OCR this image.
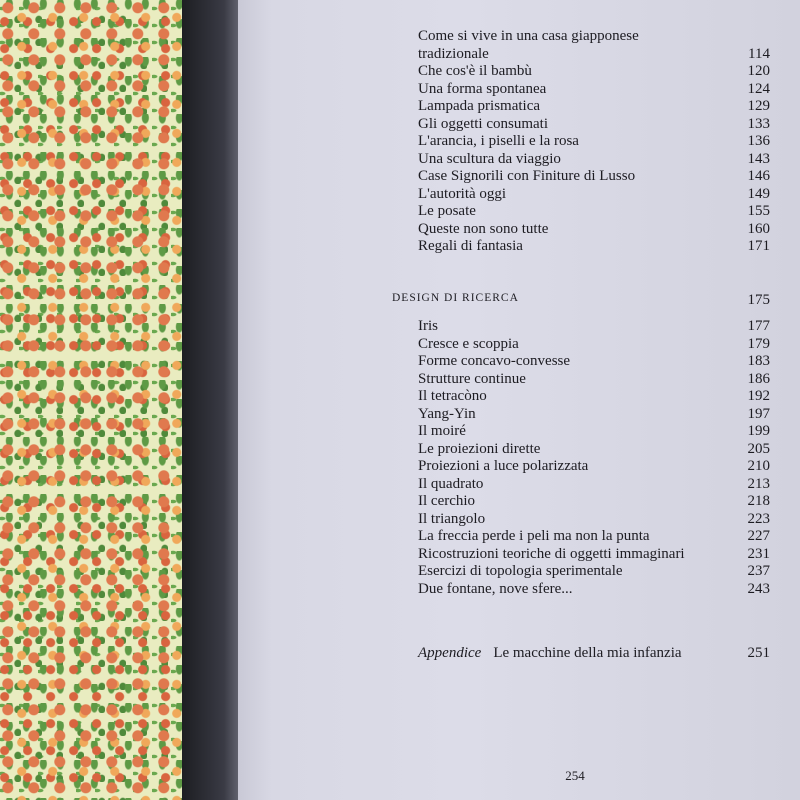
Come si vive in una casa giapponese tradizionale	114
Che cos'è il bambù	120
Una forma spontanea	124
Lampada prismatica	129
Gli oggetti consumati	133
L'arancia, i piselli e la rosa	136
Una scultura da viaggio	143
Case Signorili con Finiture di Lusso	146
L'autorità oggi	149
Le posate	155
Queste non sono tutte	160
Regali di fantasia	171
DESIGN DI RICERCA	175
Iris	177
Cresce e scoppia	179
Forme concavo-convesse	183
Strutture continue	186
Il tetracòno	192
Yang-Yin	197
Il moiré	199
Le proiezioni dirette	205
Proiezioni a luce polarizzata	210
Il quadrato	213
Il cerchio	218
Il triangolo	223
La freccia perde i peli ma non la punta	227
Ricostruzioni teoriche di oggetti immaginari	231
Esercizi di topologia sperimentale	237
Due fontane, nove sfere...	243
Appendice Le macchine della mia infanzia	251
254
